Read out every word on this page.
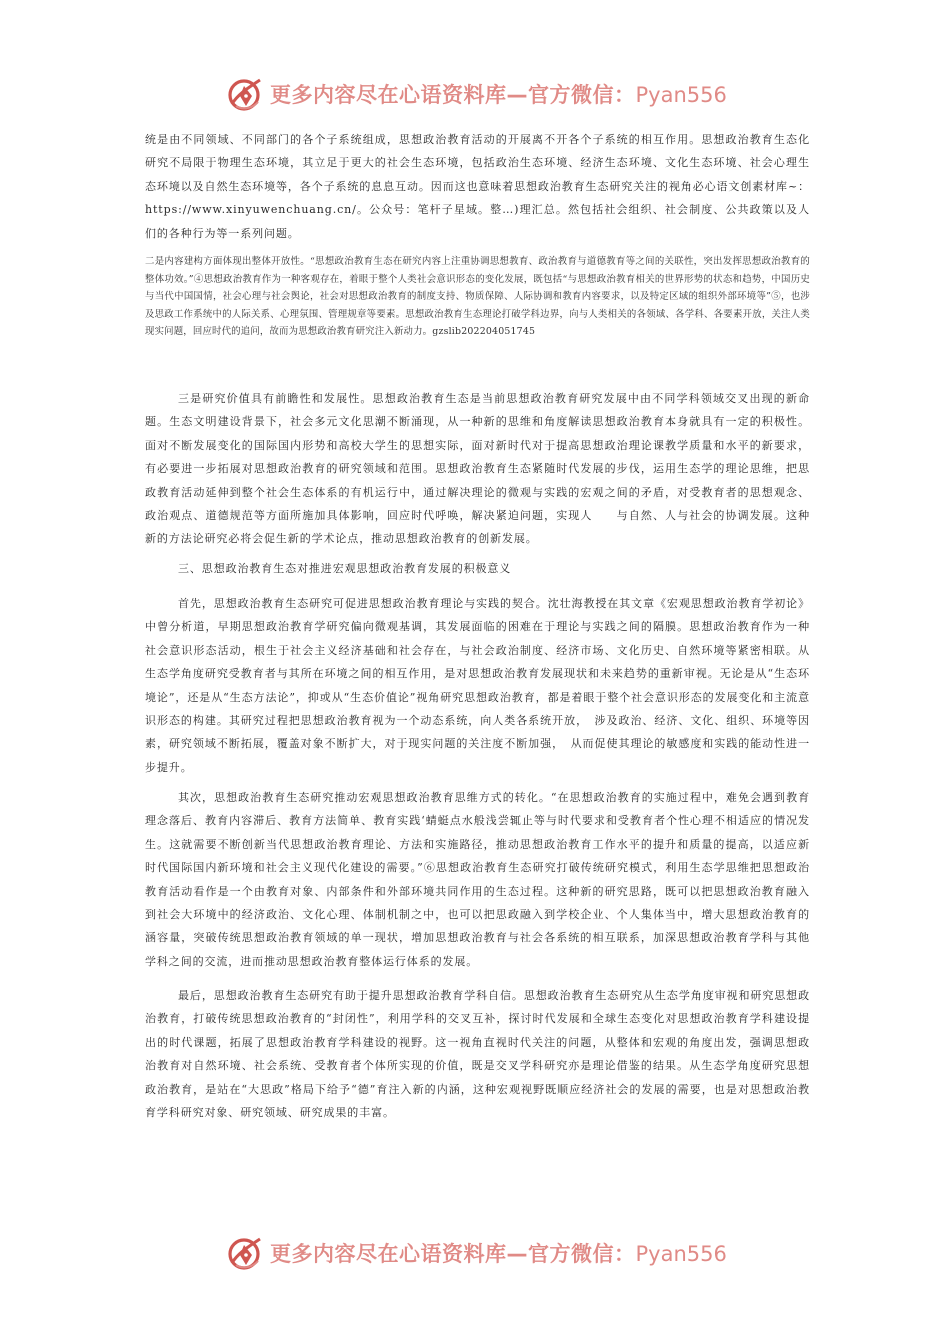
更多内容尽在心语资料库—官方微信：Pyan556

统是由不同领域、不同部门的各个子系统组成，思想政治教育活动的开展离不开各个子系统的相互作用。思想政治教育生态化研究不局限于物理生态环境，其立足于更大的社会生态环境，包括政治生态环境、经济生态环境、文化生态环境、社会心理生态环境以及自然生态环境等，各个子系统的息息互动。因而这也意味着思想政治教育生态研究关注的视角必心语文创素材库~：https://www.xinyuwenchuang.cn/。公众号：笔杆子星域。整…)理汇总。然包括社会组织、社会制度、公共政策以及人们的各种行为等一系列问题。

二是内容建构方面体现出整体开放性。“思想政治教育生态在研究内容上注重协调思想教育、政治教育与道德教育等之间的关联性，突出发挥思想政治教育的整体功效。”④思想政治教育作为一种客观存在，着眼于整个人类社会意识形态的变化发展，既包括“与思想政治教育相关的世界形势的状态和趋势，中国历史与当代中国国情，社会心理与社会舆论，社会对思想政治教育的制度支持、物质保障、人际协调和教育内容要求，以及特定区域的组织外部环境等”⑤，也涉及思政工作系统中的人际关系、心理氛围、管理规章等要素。思想政治教育生态理论打破学科边界，向与人类相关的各领域、各学科、各要素开放，关注人类现实问题，回应时代的追问，故而为思想政治教育研究注入新动力。gzslib202204051745

三是研究价值具有前瞻性和发展性。思想政治教育生态是当前思想政治教育研究发展中由不同学科领域交叉出现的新命题。生态文明建设背景下，社会多元文化思潮不断涌现，从一种新的思维和角度解读思想政治教育本身就具有一定的积极性。面对不断发展变化的国际国内形势和高校大学生的思想实际，面对新时代对于提高思想政治理论课教学质量和水平的新要求，有必要进一步拓展对思想政治教育的研究领域和范围。思想政治教育生态紧随时代发展的步伐，运用生态学的理论思维，把思政教育活动延伸到整个社会生态体系的有机运行中，通过解决理论的微观与实践的宏观之间的矛盾，对受教育者的思想观念、政治观点、道德规范等方面所施加具体影响，回应时代呼唤，解决紧迫问题，实现人　　与自然、人与社会的协调发展。这种新的方法论研究必将会促生新的学术论点，推动思想政治教育的创新发展。

三、思想政治教育生态对推进宏观思想政治教育发展的积极意义

首先，思想政治教育生态研究可促进思想政治教育理论与实践的契合。沈壮海教授在其文章《宏观思想政治教育学初论》中曾分析道，早期思想政治教育学研究偏向微观基调，其发展面临的困难在于理论与实践之间的隔膜。思想政治教育作为一种社会意识形态活动，根生于社会主义经济基础和社会存在，与社会政治制度、经济市场、文化历史、自然环境等紧密相联。从生态学角度研究受教育者与其所在环境之间的相互作用，是对思想政治教育发展现状和未来趋势的重新审视。无论是从“生态环境论”，还是从“生态方法论”，抑或从“生态价值论”视角研究思想政治教育，都是着眼于整个社会意识形态的发展变化和主流意识形态的构建。其研究过程把思想政治教育视为一个动态系统，向人类各系统开放，　涉及政治、经济、文化、组织、环境等因素，研究领域不断拓展，覆盖对象不断扩大，对于现实问题的关注度不断加强，　从而促使其理论的敏感度和实践的能动性进一步提升。

其次，思想政治教育生态研究推动宏观思想政治教育思维方式的转化。“在思想政治教育的实施过程中，难免会遇到教育理念落后、教育内容滞后、教育方法简单、教育实践‘蜻蜓点水般浅尝辄止等与时代要求和受教育者个性心理不相适应的情况发生。这就需要不断创新当代思想政治教育理论、方法和实施路径，推动思想政治教育工作水平的提升和质量的提高，以适应新时代国际国内新环境和社会主义现代化建设的需要。”⑥思想政治教育生态研究打破传统研究模式，利用生态学思维把思想政治教育活动看作是一个由教育对象、内部条件和外部环境共同作用的生态过程。这种新的研究思路，既可以把思想政治教育融入到社会大环境中的经济政治、文化心理、体制机制之中，也可以把思政融入到学校企业、个人集体当中，增大思想政治教育的涵容量，突破传统思想政治教育领域的单一现状，增加思想政治教育与社会各系统的相互联系，加深思想政治教育学科与其他学科之间的交流，进而推动思想政治教育整体运行体系的发展。

最后，思想政治教育生态研究有助于提升思想政治教育学科自信。思想政治教育生态研究从生态学角度审视和研究思想政治教育，打破传统思想政治教育的“封闭性”，利用学科的交叉互补，探讨时代发展和全球生态变化对思想政治教育学科建设提出的时代课题，拓展了思想政治教育学科建设的视野。这一视角直视时代关注的问题，从整体和宏观的角度出发，强调思想政治教育对自然环境、社会系统、受教育者个体所实现的价值，既是交叉学科研究亦是理论借鉴的结果。从生态学角度研究思想政治教育，是站在“大思政”格局下给予“德”育注入新的内涵，这种宏观视野既顺应经济社会的发展的需要，也是对思想政治教育学科研究对象、研究领域、研究成果的丰富。

更多内容尽在心语资料库—官方微信：Pyan556
